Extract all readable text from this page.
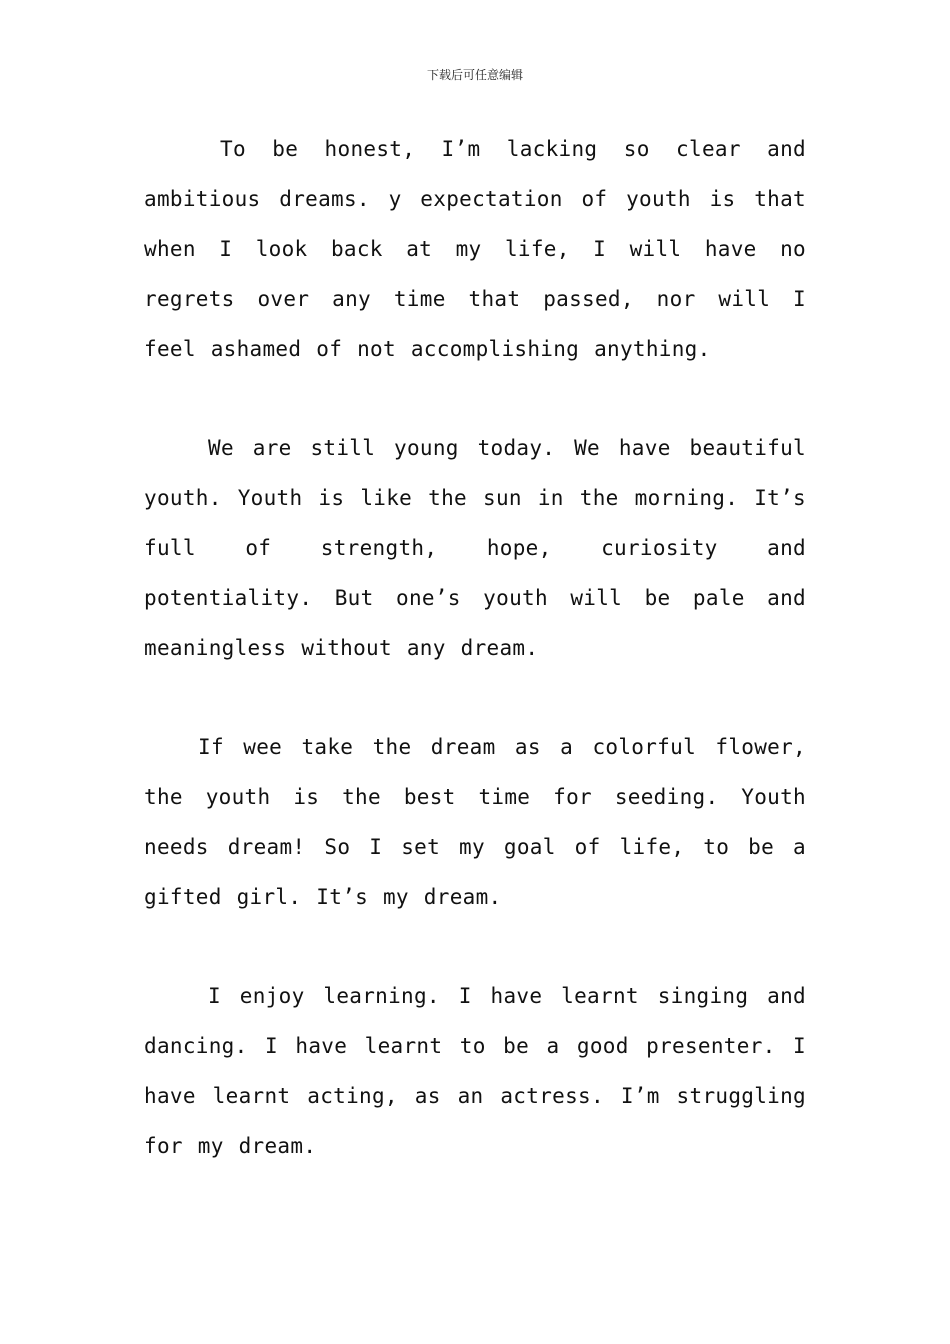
下载后可任意编辑

To be honest, I’m lacking so clear and ambitious dreams. y expectation of youth is that when I look back at my life, I will have no regrets over any time that passed, nor will I feel ashamed of not accomplishing anything.

We are still young today. We have beautiful youth. Youth is like the sun in the morning. It’s full of strength, hope, curiosity and potentiality. But one’s youth will be pale and meaningless without any dream.

If wee take the dream as a colorful flower, the youth is the best time for seeding. Youth needs dream! So I set my goal of life, to be a gifted girl. It’s my dream.

I enjoy learning. I have learnt singing and dancing. I have learnt to be a good presenter. I have learnt acting, as an actress. I’m struggling for my dream.
